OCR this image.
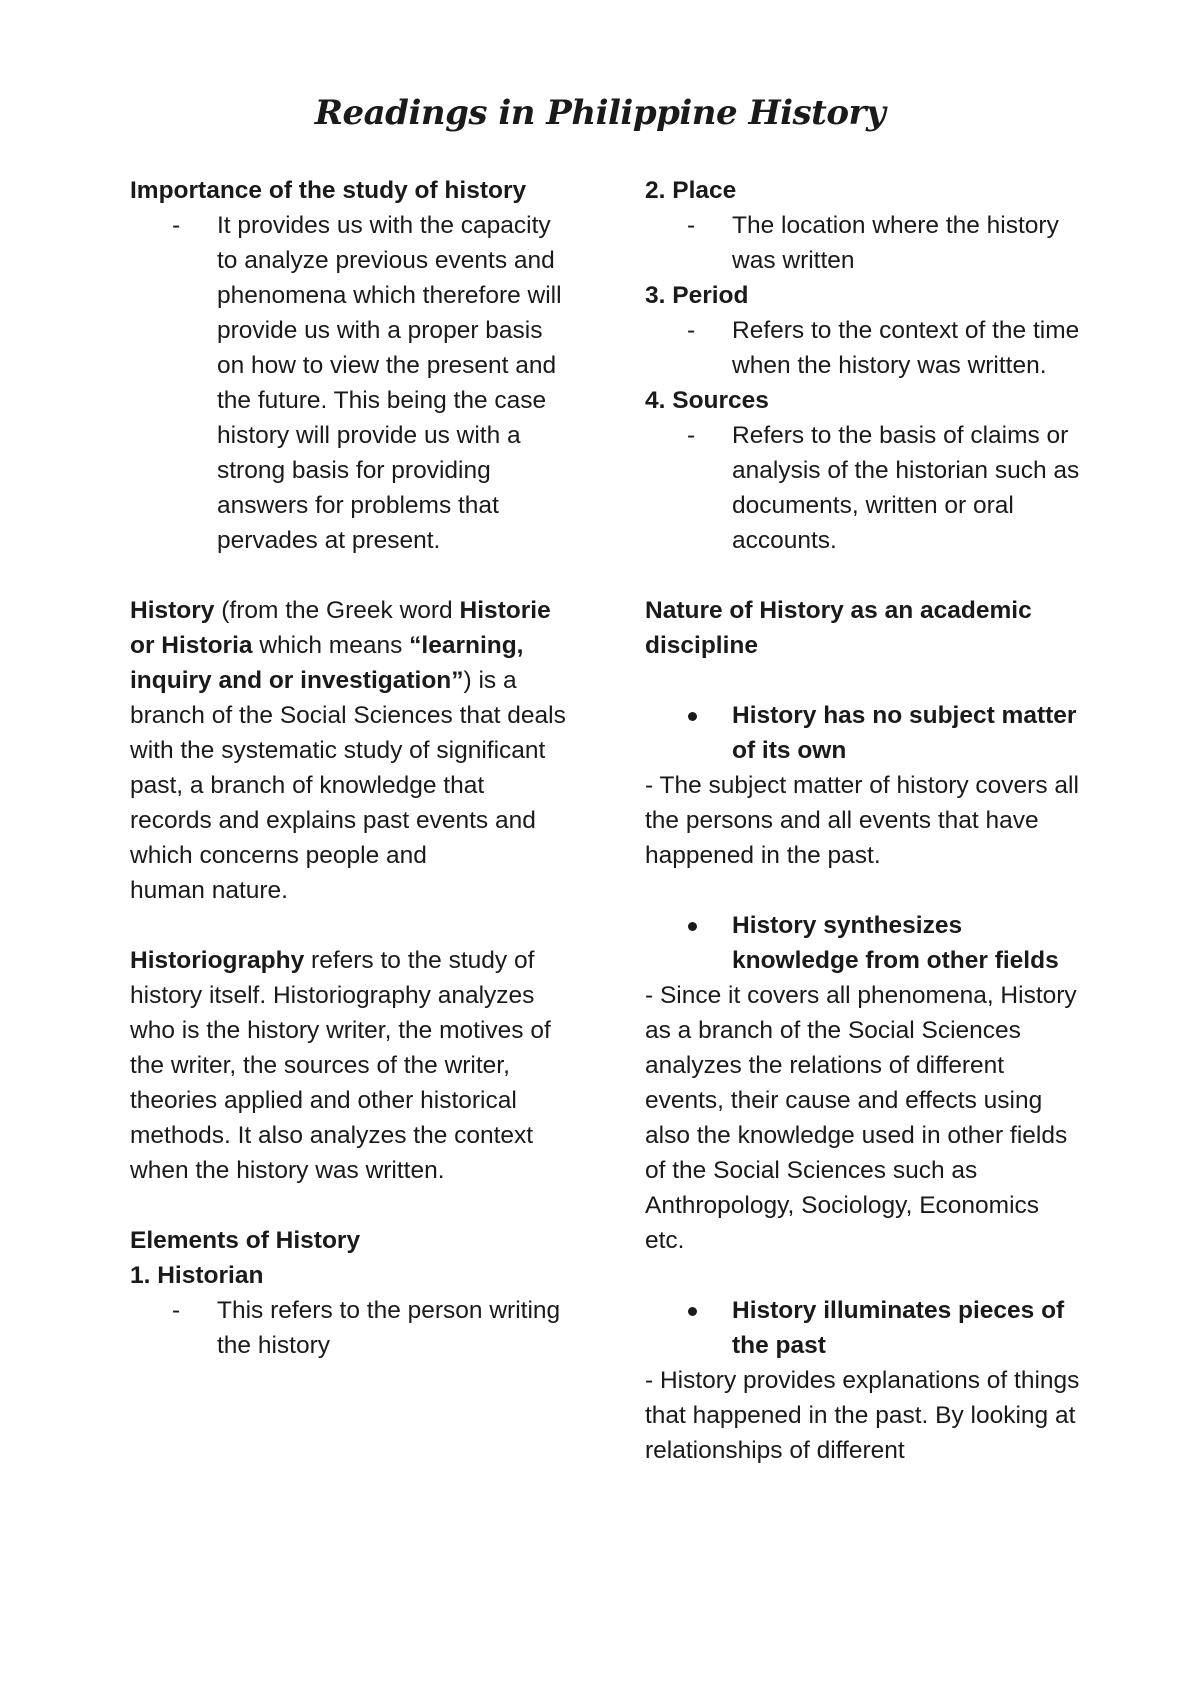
Readings in Philippine History

Importance of the study of history

- It provides us with the capacity to analyze previous events and phenomena which therefore will provide us with a proper basis on how to view the present and the future. This being the case history will provide us with a strong basis for providing answers for problems that pervades at present.

History (from the Greek word Historie or Historia which means “learning, inquiry and or investigation”) is a branch of the Social Sciences that deals with the systematic study of significant past, a branch of knowledge that records and explains past events and which concerns people and
human nature.

Historiography refers to the study of history itself. Historiography analyzes who is the history writer, the motives of the writer, the sources of the writer, theories applied and other historical methods. It also analyzes the context when the history was written.

Elements of History

1. Historian

- This refers to the person writing the history

2. Place

- The location where the history was written

3. Period

- Refers to the context of the time when the history was written.

4. Sources

- Refers to the basis of claims or analysis of the historian such as documents, written or oral accounts.

Nature of History as an academic discipline

History has no subject matter of its own

- The subject matter of history covers all the persons and all events that have happened in the past.

History synthesizes knowledge from other fields

- Since it covers all phenomena, History as a branch of the Social Sciences analyzes the relations of different events, their cause and effects using also the knowledge used in other fields of the Social Sciences such as Anthropology, Sociology, Economics etc.

History illuminates pieces of the past

- History provides explanations of things that happened in the past. By looking at relationships of different
